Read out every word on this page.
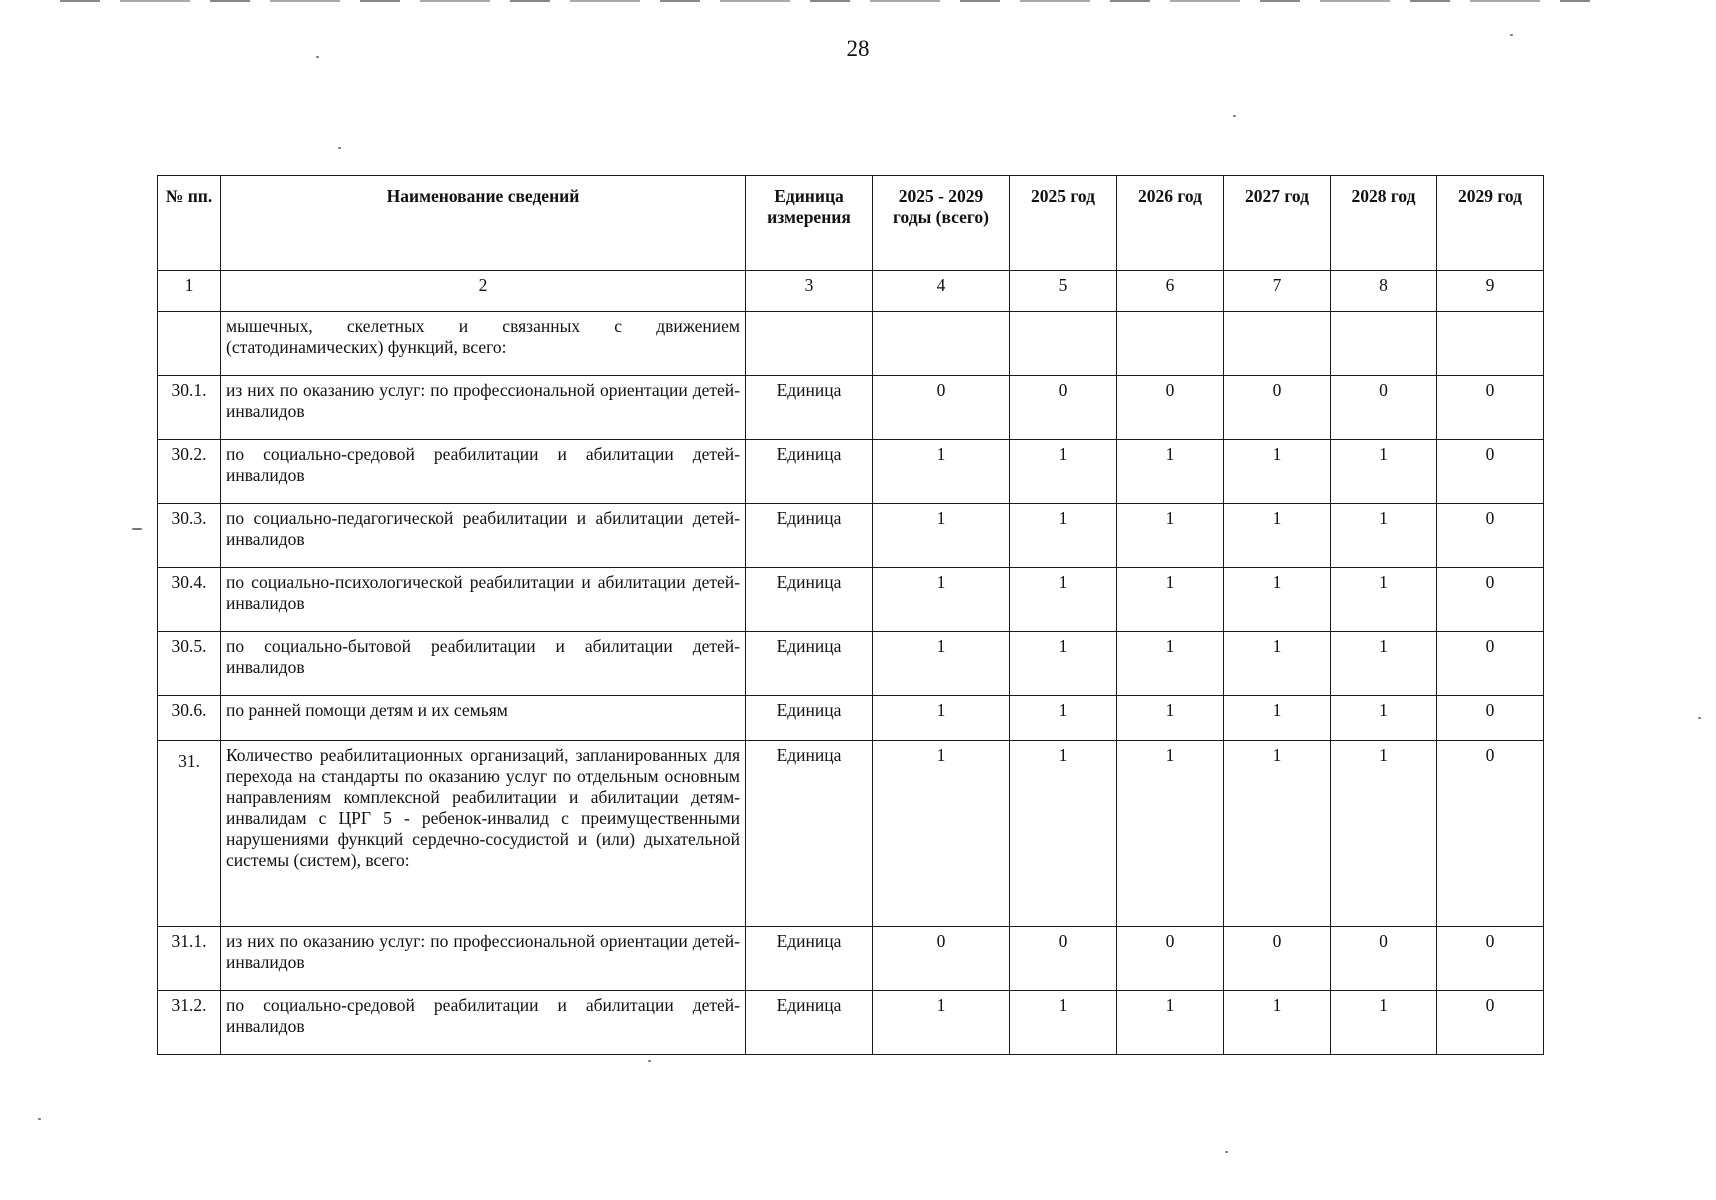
28
№ пп.	Наименование сведений	Единица измерения	2025 - 2029 годы (всего)	2025 год	2026 год	2027 год	2028 год	2029 год
1	2	3	4	5	6	7	8	9
	мышечных, скелетных и связанных с движением (статодинамических) функций, всего:							
30.1.	из них по оказанию услуг: по профессиональной ориентации детей-инвалидов	Единица	0	0	0	0	0	0
30.2.	по социально-средовой реабилитации и абилитации детей-инвалидов	Единица	1	1	1	1	1	0
30.3.	по социально-педагогической реабилитации и абилитации детей-инвалидов	Единица	1	1	1	1	1	0
30.4.	по социально-психологической реабилитации и абилитации детей-инвалидов	Единица	1	1	1	1	1	0
30.5.	по социально-бытовой реабилитации и абилитации детей-инвалидов	Единица	1	1	1	1	1	0
30.6.	по ранней помощи детям и их семьям	Единица	1	1	1	1	1	0
31.	Количество реабилитационных организаций, запланированных для перехода на стандарты по оказанию услуг по отдельным основным направлениям комплексной реабилитации и абилитации детям-инвалидам с ЦРГ 5 - ребенок-инвалид с преимущественными нарушениями функций сердечно-сосудистой и (или) дыхательной системы (систем), всего:	Единица	1	1	1	1	1	0
31.1.	из них по оказанию услуг: по профессиональной ориентации детей-инвалидов	Единица	0	0	0	0	0	0
31.2.	по социально-средовой реабилитации и абилитации детей-инвалидов	Единица	1	1	1	1	1	0
